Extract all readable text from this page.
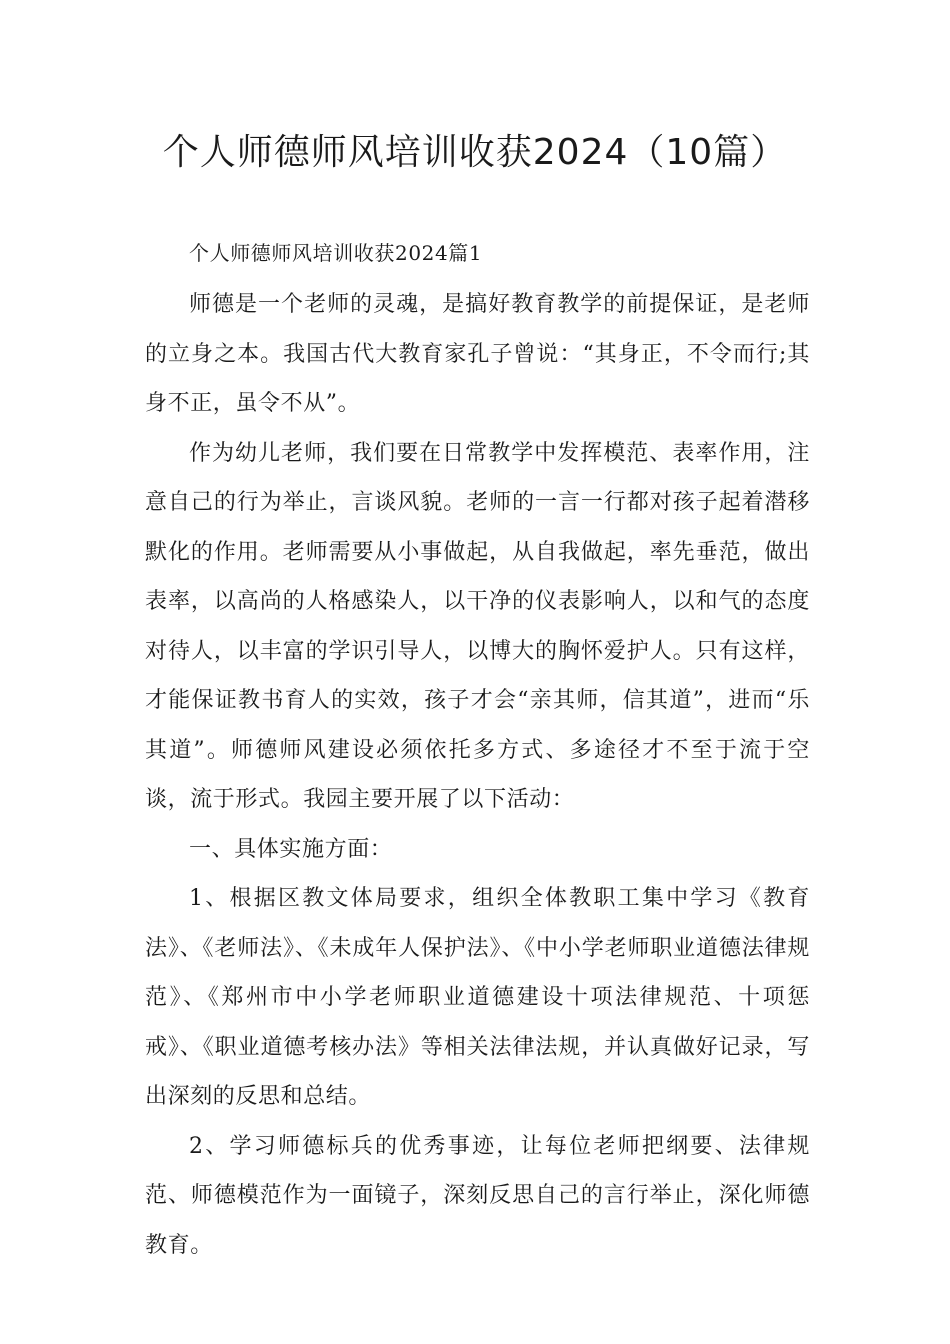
个人师德师风培训收获2024（10篇）

个人师德师风培训收获2024篇1

师德是一个老师的灵魂，是搞好教育教学的前提保证，是老师的立身之本。我国古代大教育家孔子曾说：“其身正，不令而行;其身不正，虽令不从”。

作为幼儿老师，我们要在日常教学中发挥模范、表率作用，注意自己的行为举止，言谈风貌。老师的一言一行都对孩子起着潜移默化的作用。老师需要从小事做起，从自我做起，率先垂范，做出表率，以高尚的人格感染人，以干净的仪表影响人，以和气的态度对待人，以丰富的学识引导人，以博大的胸怀爱护人。只有这样，才能保证教书育人的实效，孩子才会“亲其师，信其道”，进而“乐其道”。师德师风建设必须依托多方式、多途径才不至于流于空谈，流于形式。我园主要开展了以下活动：

一、具体实施方面：

1、根据区教文体局要求，组织全体教职工集中学习《教育法》、《老师法》、《未成年人保护法》、《中小学老师职业道德法律规范》、《郑州市中小学老师职业道德建设十项法律规范、十项惩戒》、《职业道德考核办法》等相关法律法规，并认真做好记录，写出深刻的反思和总结。

2、学习师德标兵的优秀事迹，让每位老师把纲要、法律规范、师德模范作为一面镜子，深刻反思自己的言行举止，深化师德教育。
